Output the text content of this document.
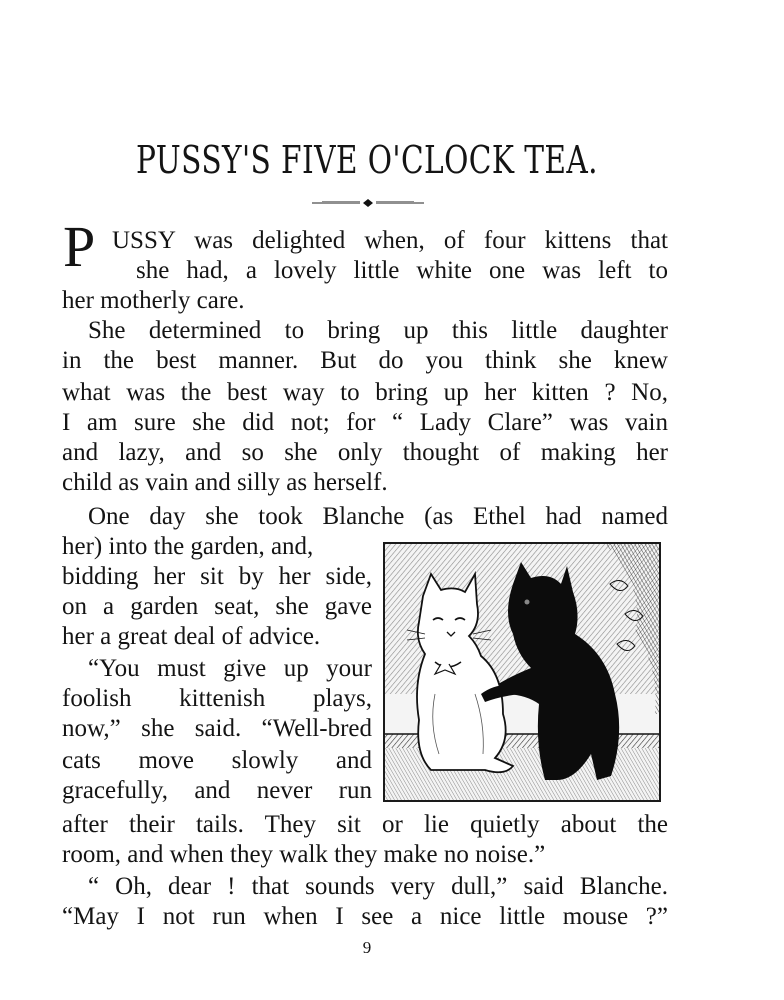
PUSSY'S FIVE O'CLOCK TEA.

P USSY was delighted when, of four kittens that

she had, a lovely little white one was left to

her motherly care.

She determined to bring up this little daughter

in the best manner. But do you think she knew

what was the best way to bring up her kitten ? No,

I am sure she did not; for “ Lady Clare” was vain

and lazy, and so she only thought of making her

child as vain and silly as herself.

One day she took Blanche (as Ethel had named

her) into the garden, and,

bidding her sit by her side,

on a garden seat, she gave

her a great deal of advice.

“You must give up your

foolish kittenish plays,

now,” she said. “Well-bred

cats move slowly and

gracefully, and never run

after their tails. They sit or lie quietly about the

room, and when they walk they make no noise.”

“ Oh, dear ! that sounds very dull,” said Blanche.

“May I not run when I see a nice little mouse ?”

9
